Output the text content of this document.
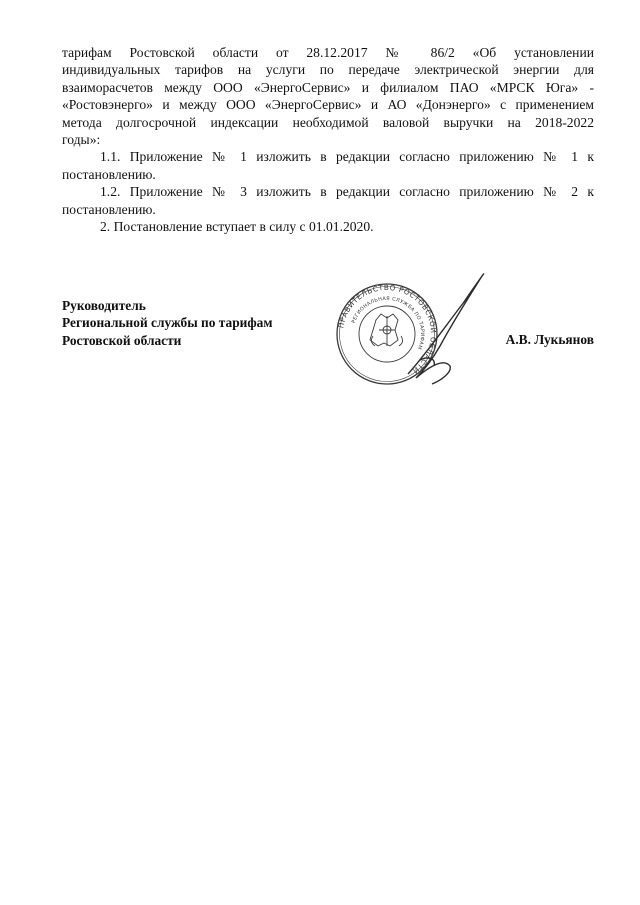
тарифам Ростовской области от 28.12.2017 № 86/2 «Об установлении
индивидуальных тарифов на услуги по передаче электрической энергии для
взаиморасчетов между ООО «ЭнергоСервис» и филиалом ПАО «МРСК Юга» -
«Ростовэнерго» и между ООО «ЭнергоСервис» и АО «Донэнерго» с применением
метода долгосрочной индексации необходимой валовой выручки на 2018-2022
годы»:

1.1. Приложение № 1 изложить в редакции согласно приложению № 1 к постановлению.

1.2. Приложение № 3 изложить в редакции согласно приложению № 2 к постановлению.

2. Постановление вступает в силу с 01.01.2020.

Руководитель
Региональной службы по тарифам
Ростовской области
ПРАВИТЕЛЬСТВО РОСТОВСКОЙ ОБЛАСТИ
РЕГИОНАЛЬНАЯ СЛУЖБА ПО ТАРИФАМ
А.В. Лукьянов
